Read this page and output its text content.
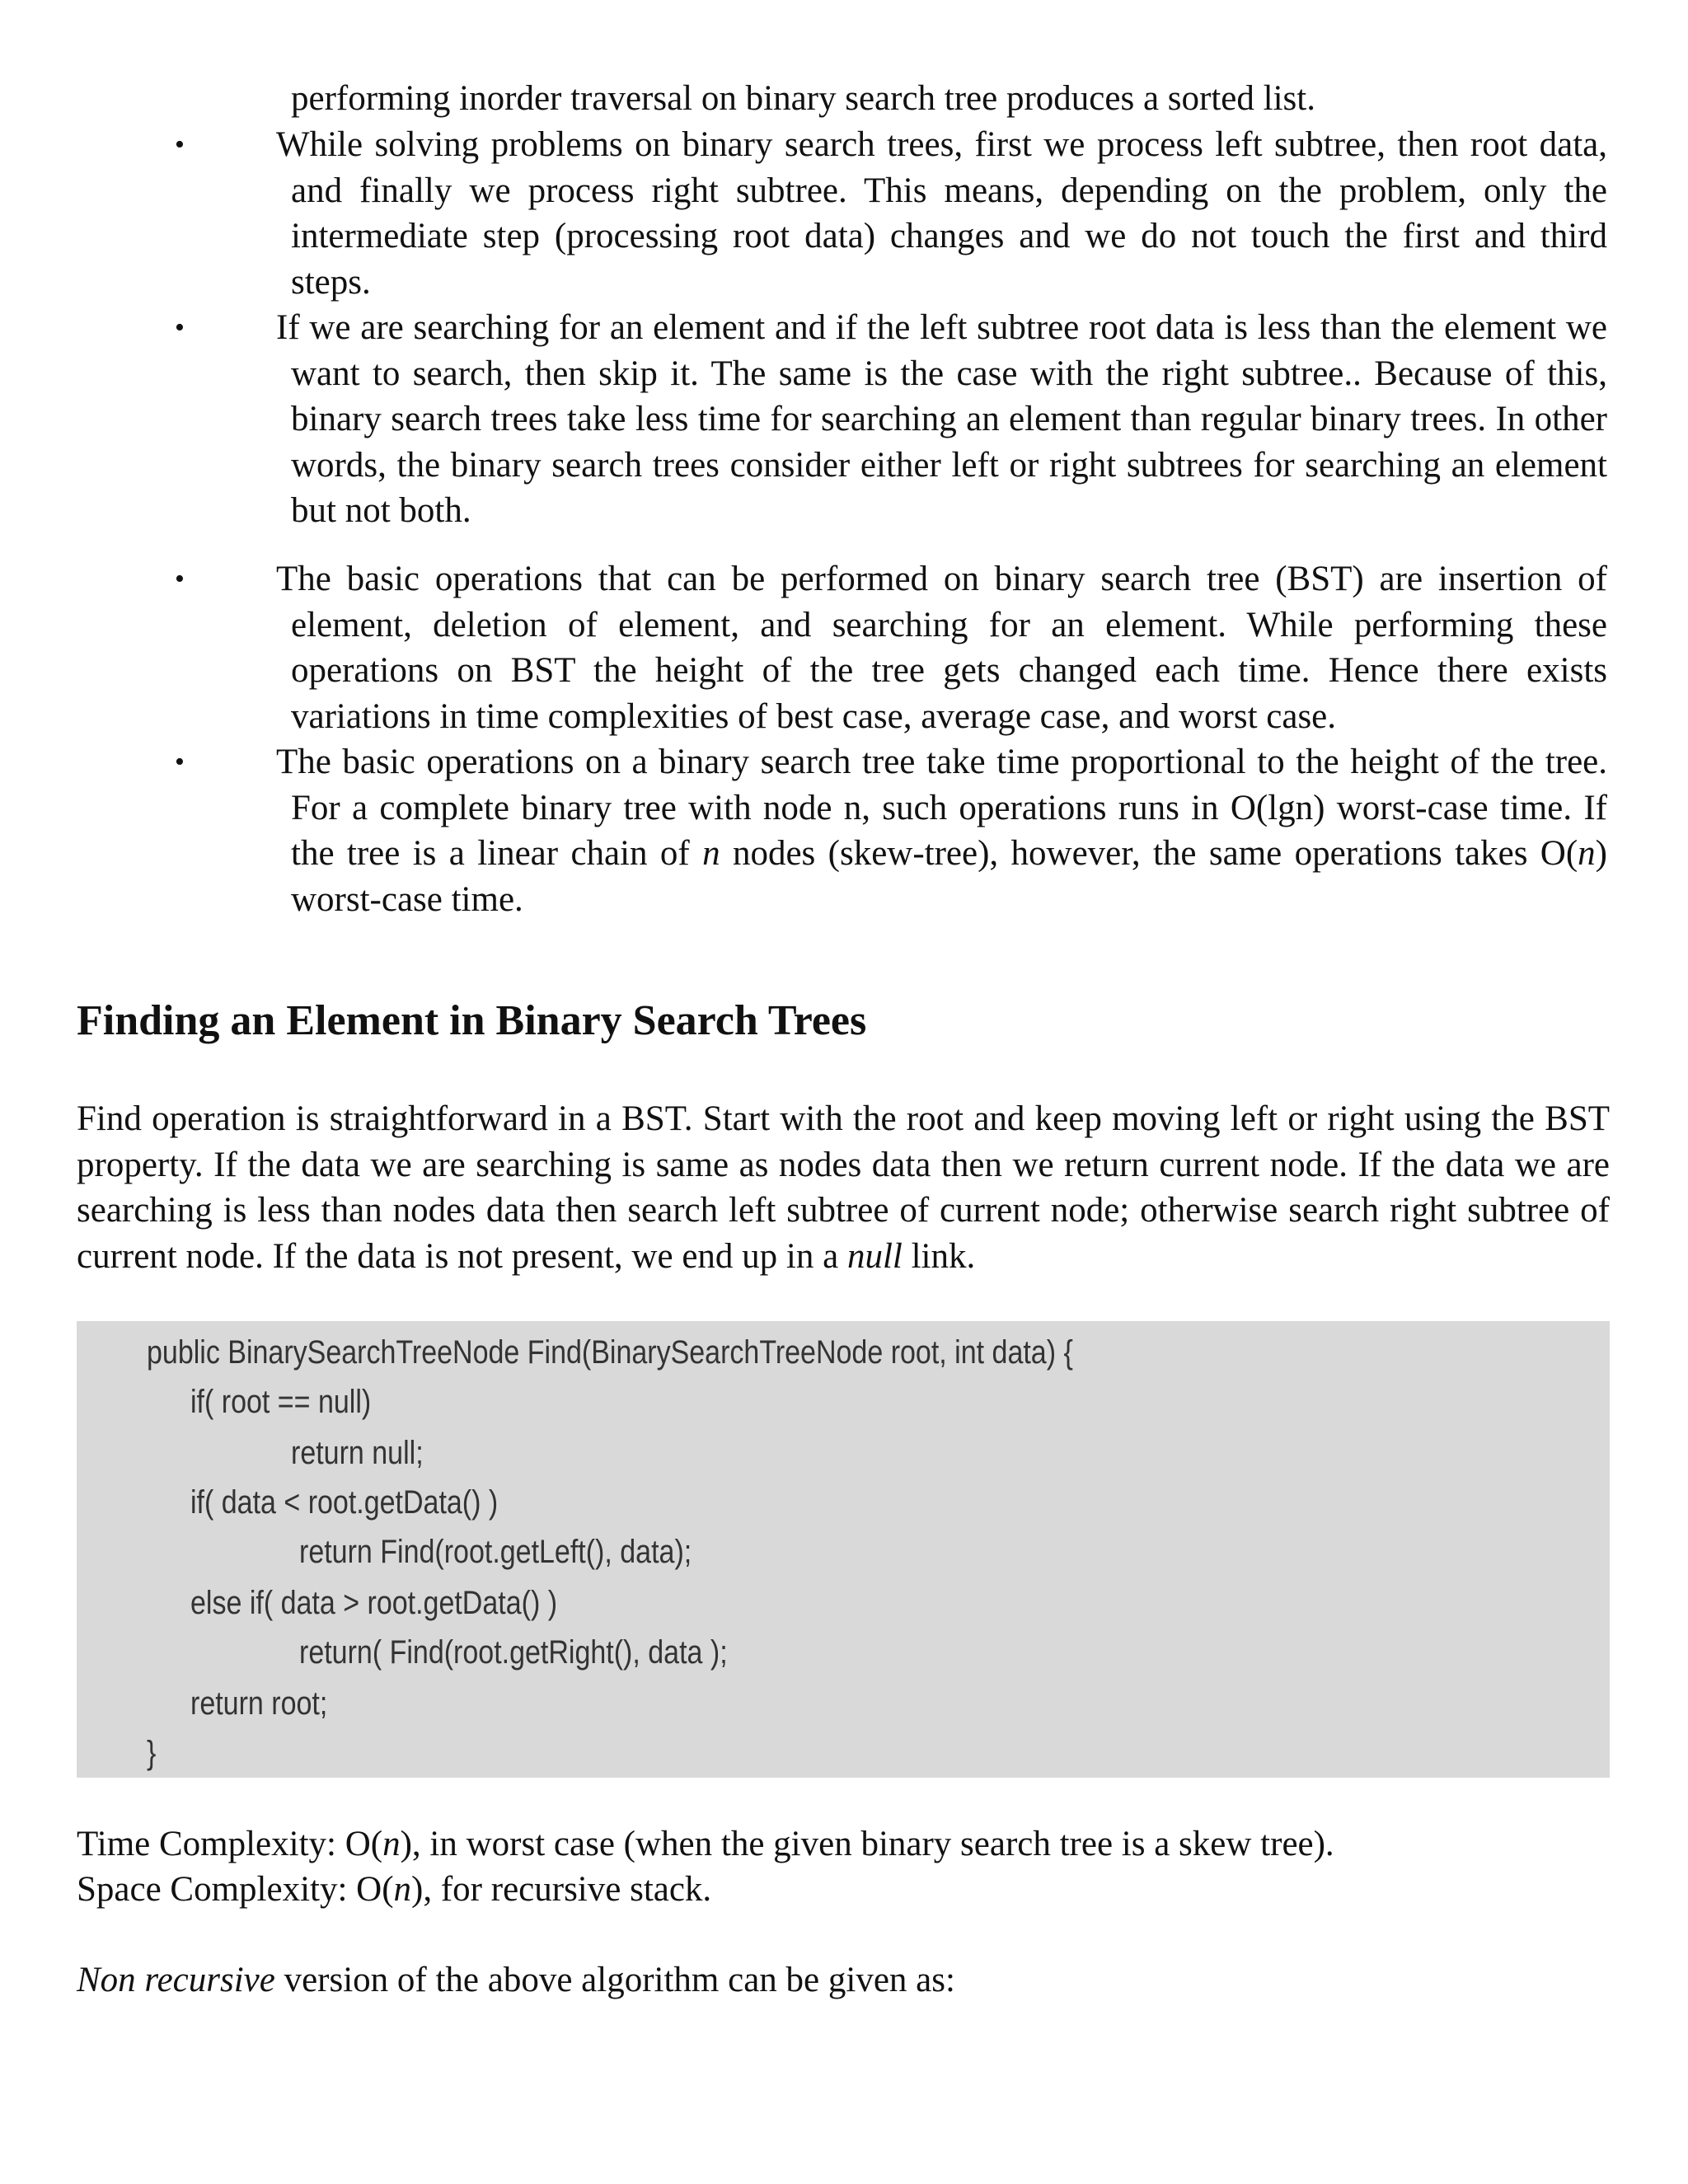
performing inorder traversal on binary search tree produces a sorted list.

•	While solving problems on binary search trees, first we process left subtree, then root data, and finally we process right subtree. This means, depending on the problem, only the intermediate step (processing root data) changes and we do not touch the first and third steps.

•	If we are searching for an element and if the left subtree root data is less than the element we want to search, then skip it. The same is the case with the right subtree.. Because of this, binary search trees take less time for searching an element than regular binary trees. In other words, the binary search trees consider either left or right subtrees for searching an element but not both.

•	The basic operations that can be performed on binary search tree (BST) are insertion of element, deletion of element, and searching for an element. While performing these operations on BST the height of the tree gets changed each time. Hence there exists variations in time complexities of best case, average case, and worst case.

•	The basic operations on a binary search tree take time proportional to the height of the tree. For a complete binary tree with node n, such operations runs in O(lgn) worst-case time. If the tree is a linear chain of n nodes (skew-tree), however, the same operations takes O(n) worst-case time.

Finding an Element in Binary Search Trees

Find operation is straightforward in a BST. Start with the root and keep moving left or right using the BST property. If the data we are searching is same as nodes data then we return current node. If the data we are searching is less than nodes data then search left subtree of current node; otherwise search right subtree of current node. If the data is not present, we end up in a null link.

public BinarySearchTreeNode Find(BinarySearchTreeNode root, int data) {
if( root == null)
return null;
if( data < root.getData() )
return Find(root.getLeft(), data);
else if( data > root.getData() )
return( Find(root.getRight(), data );
return root;
}

Time Complexity: O(n), in worst case (when the given binary search tree is a skew tree).

Space Complexity: O(n), for recursive stack.

Non recursive version of the above algorithm can be given as:
